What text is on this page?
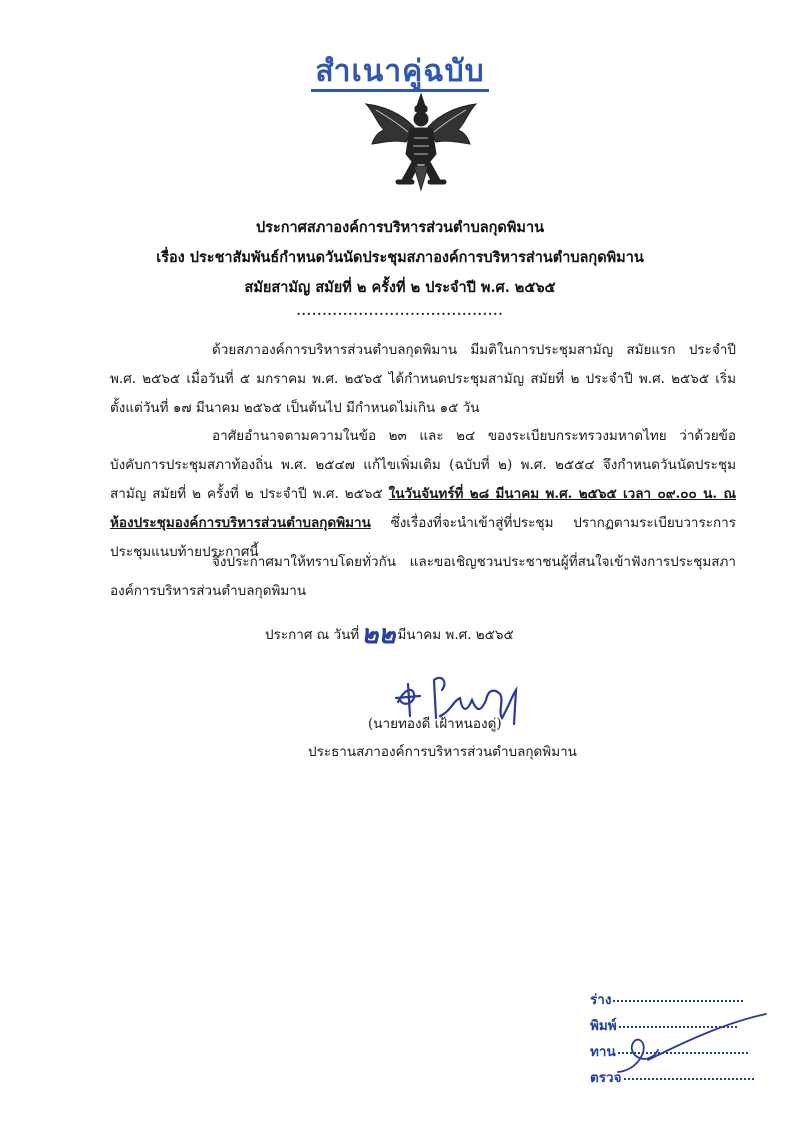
สำเนาคู่ฉบับ
ประกาศสภาองค์การบริหารส่วนตำบลกุดพิมาน
เรื่อง ประชาสัมพันธ์กำหนดวันนัดประชุมสภาองค์การบริหารส่านตำบลกุดพิมาน
สมัยสามัญ สมัยที่ ๒ ครั้งที่ ๒ ประจำปี พ.ศ. ๒๕๖๕
........................................

ด้วยสภาองค์การบริหารส่วนตำบลกุดพิมาน มีมติในการประชุมสามัญ สมัยแรก ประจำปี พ.ศ. ๒๕๖๕ เมื่อวันที่ ๕ มกราคม พ.ศ. ๒๕๖๕ ได้กำหนดประชุมสามัญ สมัยที่ ๒ ประจำปี พ.ศ. ๒๕๖๕ เริ่มตั้งแต่วันที่ ๑๗ มีนาคม ๒๕๖๕ เป็นต้นไป มีกำหนดไม่เกิน ๑๕ วัน

อาศัยอำนาจตามความในข้อ ๒๓ และ ๒๔ ของระเบียบกระทรวงมหาดไทย ว่าด้วยข้อบังคับการประชุมสภาท้องถิ่น พ.ศ. ๒๕๔๗ แก้ไขเพิ่มเติม (ฉบับที่ ๒) พ.ศ. ๒๕๕๔ จึงกำหนดวันนัดประชุมสามัญ สมัยที่ ๒ ครั้งที่ ๒ ประจำปี พ.ศ. ๒๕๖๕ ในวันจันทร์ที่ ๒๘ มีนาคม พ.ศ. ๒๕๖๕ เวลา ๐๙.๐๐ น. ณ ห้องประชุมองค์การบริหารส่วนตำบลกุดพิมาน ซึ่งเรื่องที่จะนำเข้าสู่ที่ประชุม ปรากฏตามระเบียบวาระการประชุมแนบท้ายประกาศนี้

จึงประกาศมาให้ทราบโดยทั่วกัน และขอเชิญชวนประชาชนผู้ที่สนใจเข้าฟังการประชุมสภาองค์การบริหารส่วนตำบลกุดพิมาน

ประกาศ ณ วันที่๒๒ มีนาคม พ.ศ. ๒๕๖๕
(นายทองดี เฝ้าหนองดู่)
ประธานสภาองค์การบริหารส่วนตำบลกุดพิมาน
ร่าง
พิมพ์
ทาน
ตรวจ
